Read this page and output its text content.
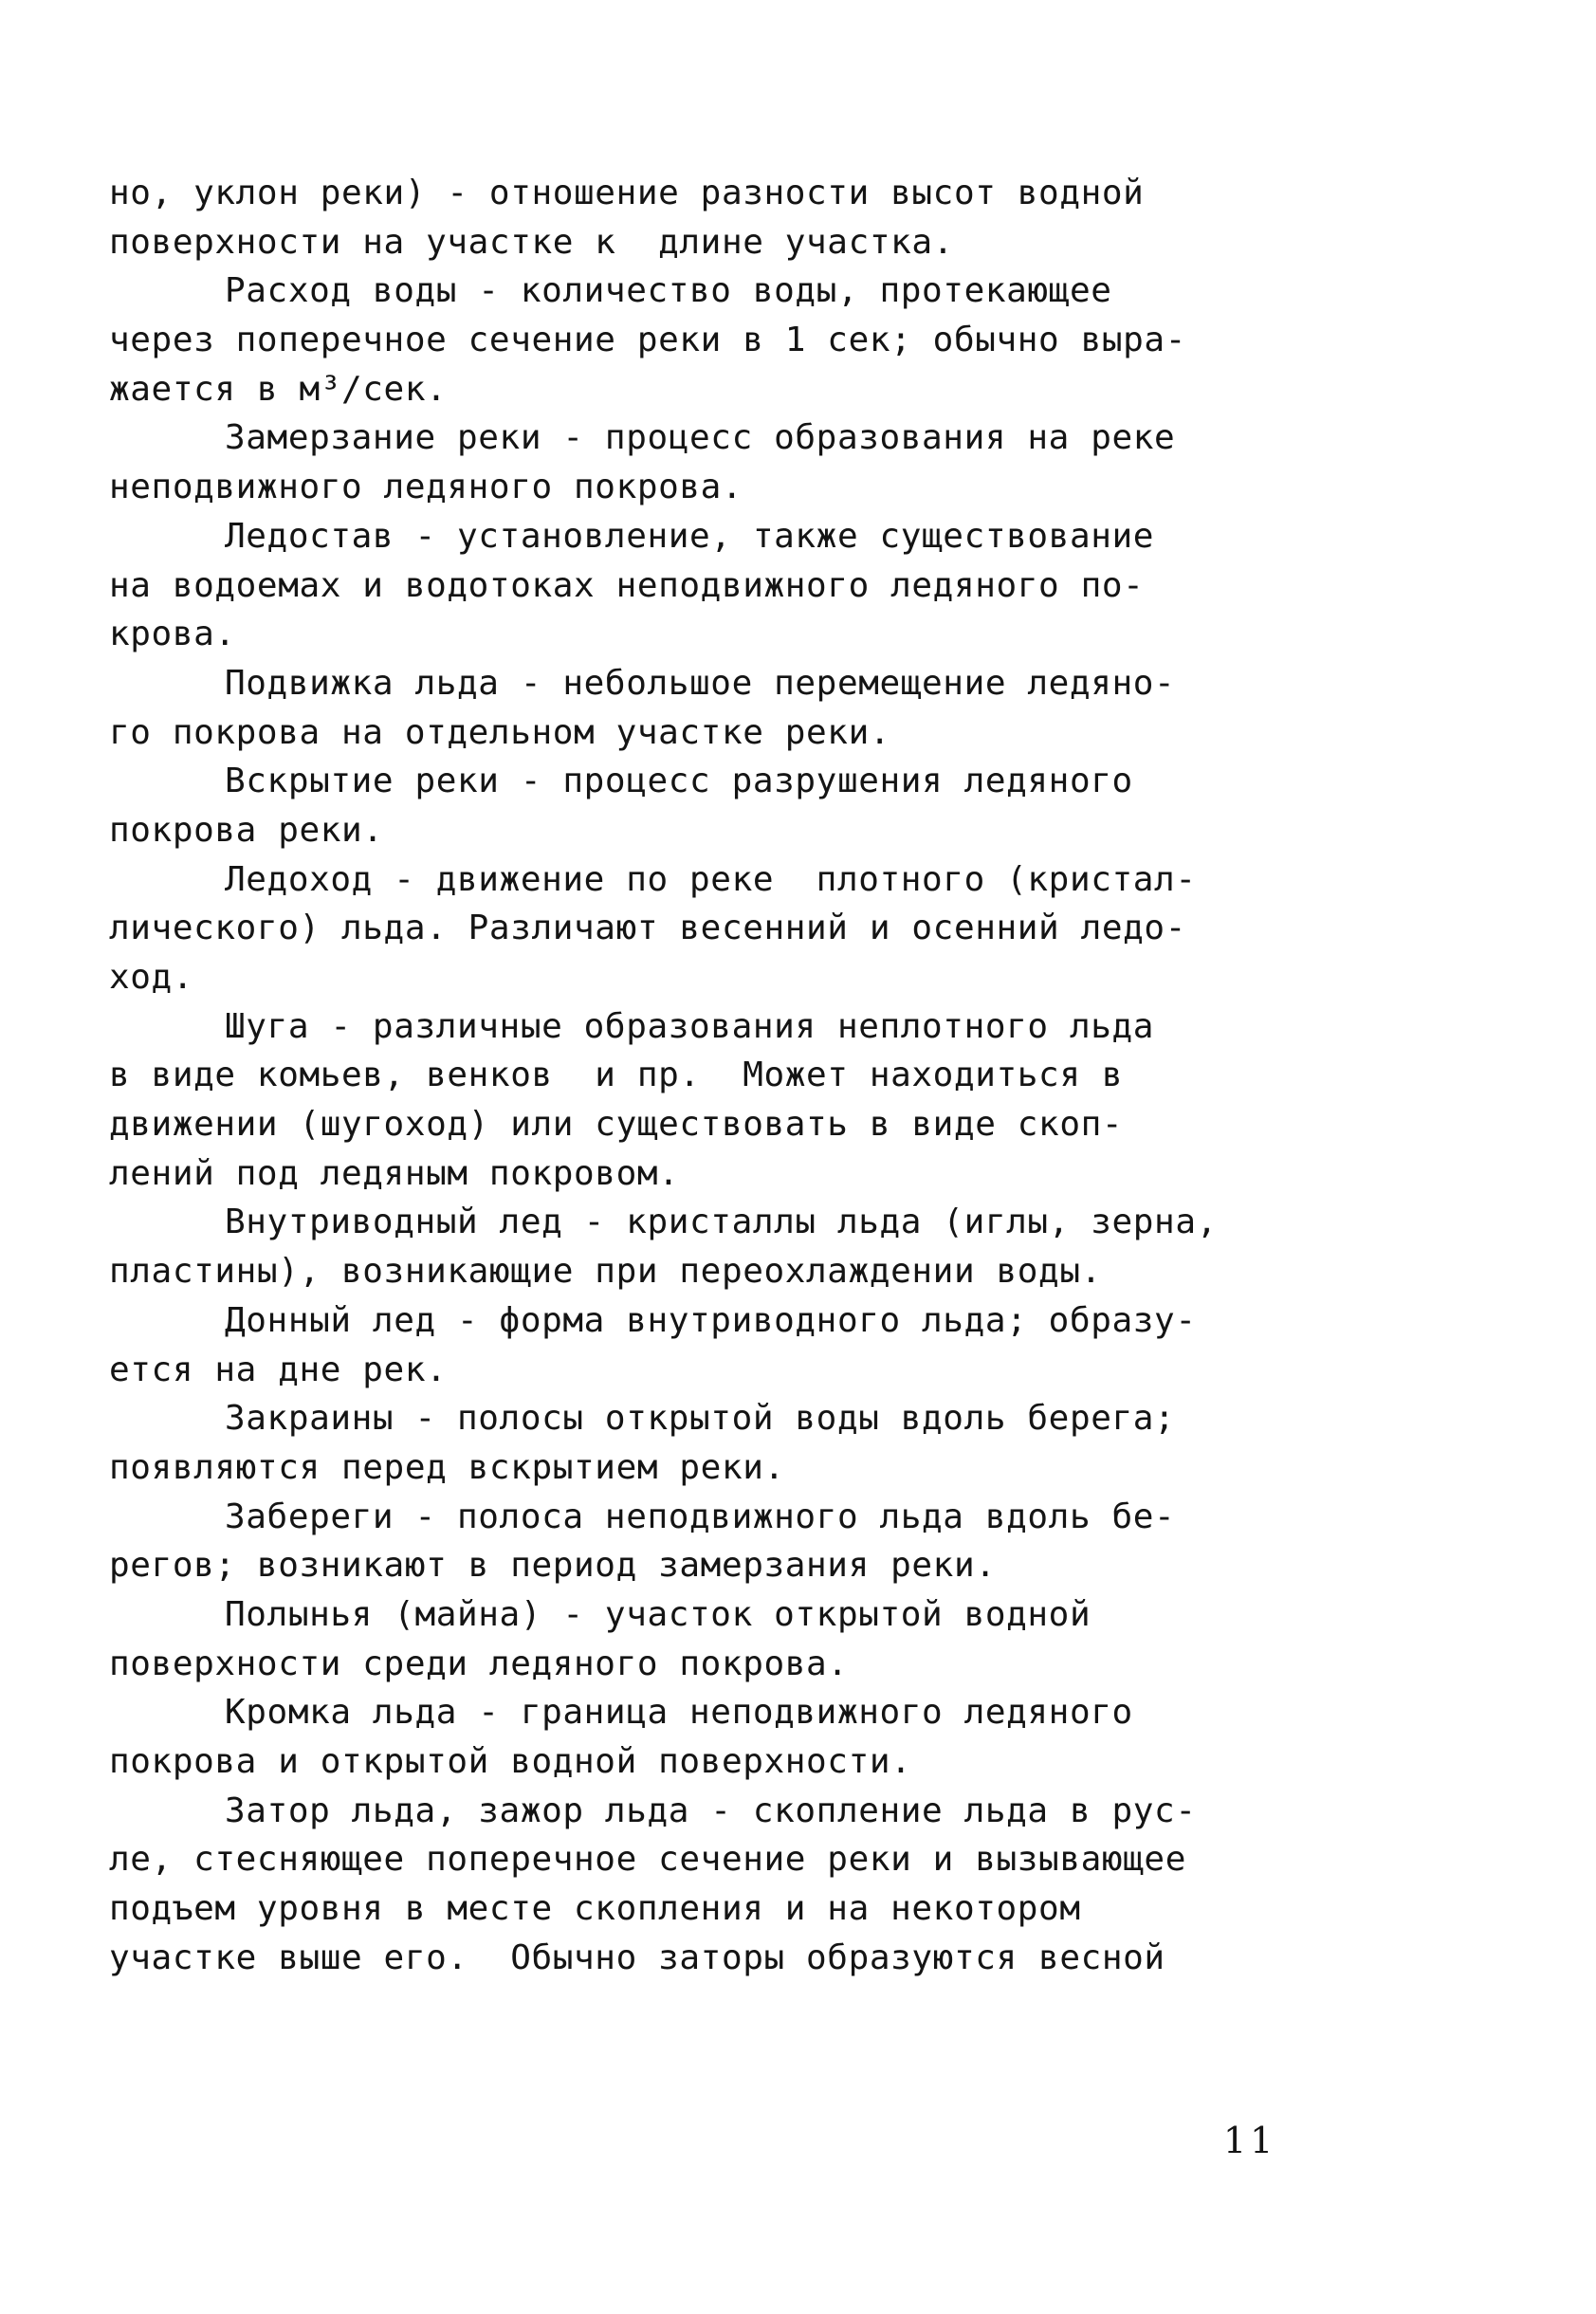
но, уклон реки) - отношение разности высот водной
поверхности на участке к  длине участка.
Расход воды - количество воды, протекающее
через поперечное сечение реки в 1 сек; обычно выра-
жается в м³/сек.
Замерзание реки - процесс образования на реке
неподвижного ледяного покрова.
Ледостав - установление, также существование
на водоемах и водотоках неподвижного ледяного по-
крова.
Подвижка льда - небольшое перемещение ледяно-
го покрова на отдельном участке реки.
Вскрытие реки - процесс разрушения ледяного
покрова реки.
Ледоход - движение по реке  плотного (кристал-
лического) льда. Различают весенний и осенний ледо-
ход.
Шуга - различные образования неплотного льда
в виде комьев, венков  и пр.  Может находиться в
движении (шугоход) или существовать в виде скоп-
лений под ледяным покровом.
Внутриводный лед - кристаллы льда (иглы, зерна,
пластины), возникающие при переохлаждении воды.
Донный лед - форма внутриводного льда; образу-
ется на дне рек.
Закраины - полосы открытой воды вдоль берега;
появляются перед вскрытием реки.
Забереги - полоса неподвижного льда вдоль бе-
регов; возникают в период замерзания реки.
Полынья (майна) - участок открытой водной
поверхности среди ледяного покрова.
Кромка льда - граница неподвижного ледяного
покрова и открытой водной поверхности.
Затор льда, зажор льда - скопление льда в рус-
ле, стесняющее поперечное сечение реки и вызывающее
подъем уровня в месте скопления и на некотором
участке выше его.  Обычно заторы образуются весной
11
